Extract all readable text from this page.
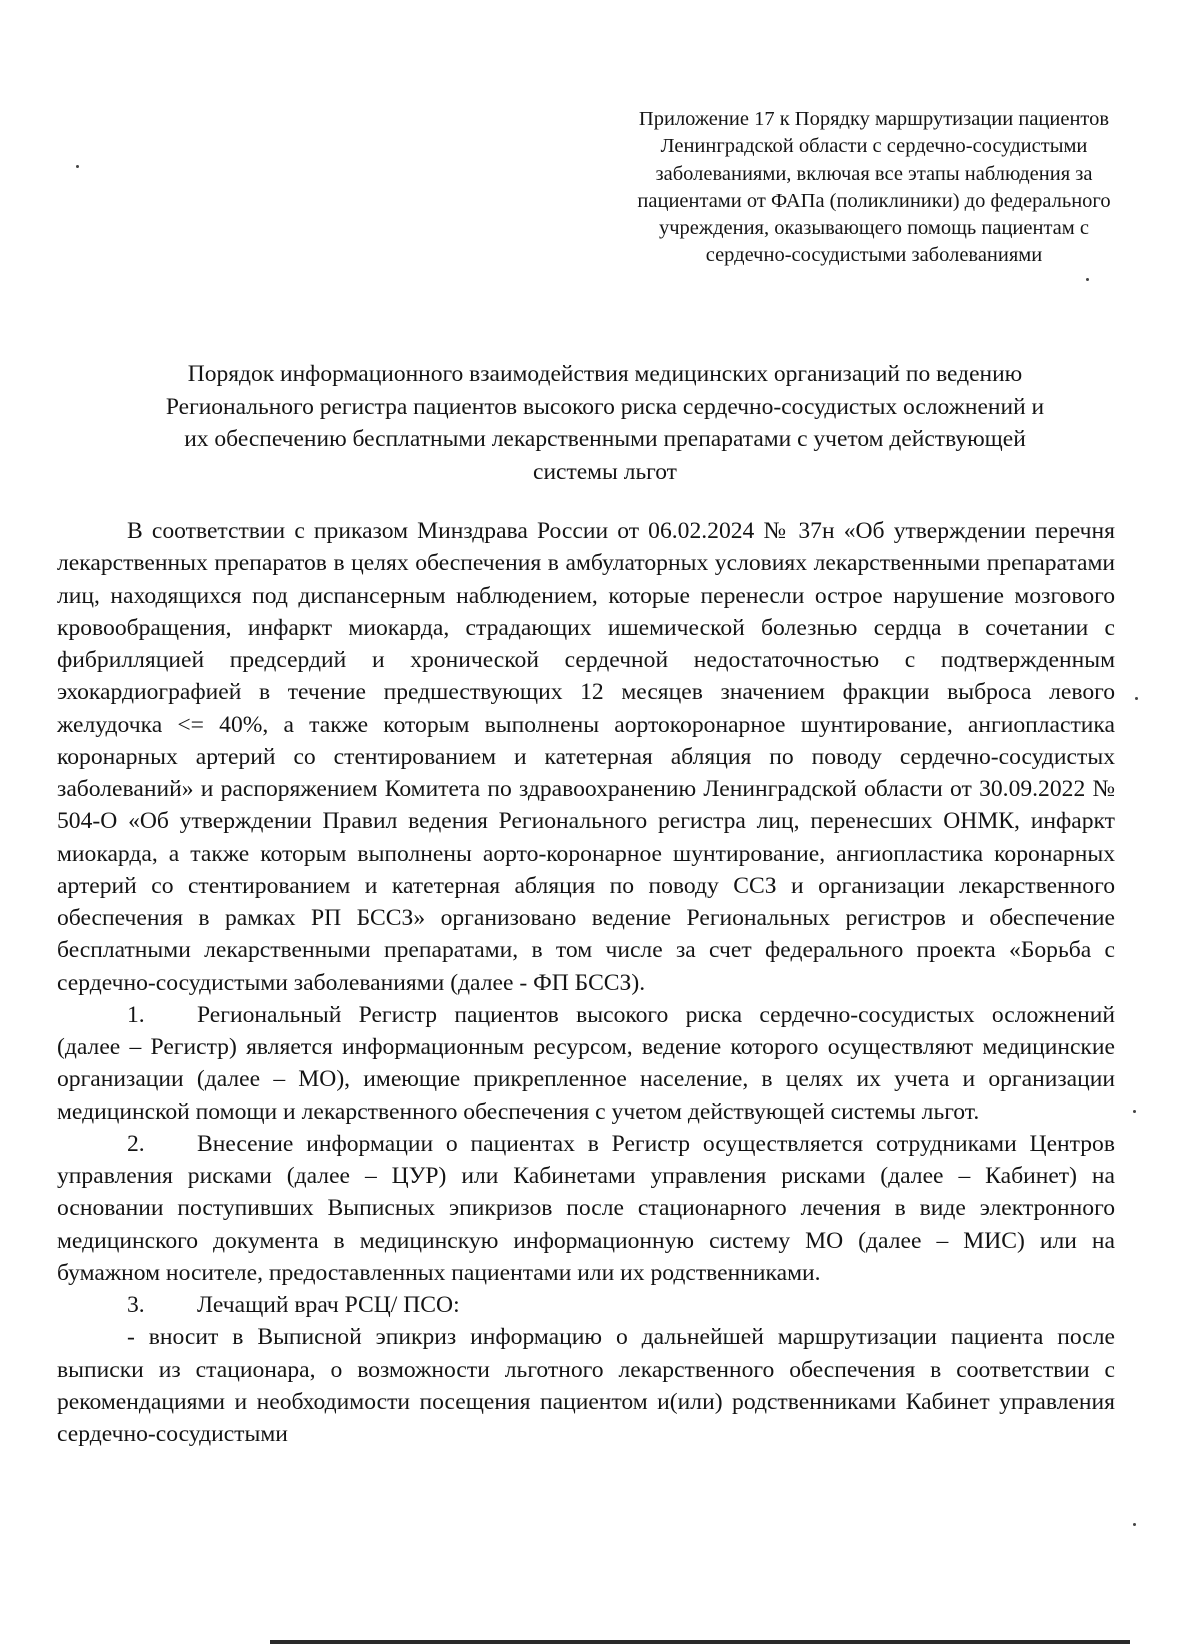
Приложение 17 к Порядку маршрутизации пациентов Ленинградской области с сердечно-сосудистыми заболеваниями, включая все этапы наблюдения за пациентами от ФАПа (поликлиники) до федерального учреждения, оказывающего помощь пациентам с сердечно-сосудистыми заболеваниями
Порядок информационного взаимодействия медицинских организаций по ведению Регионального регистра пациентов высокого риска сердечно-сосудистых осложнений и их обеспечению бесплатными лекарственными препаратами с учетом действующей системы льгот

В соответствии с приказом Минздрава России от 06.02.2024 № 37н «Об утверждении перечня лекарственных препаратов в целях обеспечения в амбулаторных условиях лекарственными препаратами лиц, находящихся под диспансерным наблюдением, которые перенесли острое нарушение мозгового кровообращения, инфаркт миокарда, страдающих ишемической болезнью сердца в сочетании с фибрилляцией предсердий и хронической сердечной недостаточностью с подтвержденным эхокардиографией в течение предшествующих 12 месяцев значением фракции выброса левого желудочка <= 40%, а также которым выполнены аортокоронарное шунтирование, ангиопластика коронарных артерий со стентированием и катетерная абляция по поводу сердечно-сосудистых заболеваний» и распоряжением Комитета по здравоохранению Ленинградской области от 30.09.2022 № 504-О «Об утверждении Правил ведения Регионального регистра лиц, перенесших ОНМК, инфаркт миокарда, а также которым выполнены аорто-коронарное шунтирование, ангиопластика коронарных артерий со стентированием и катетерная абляция по поводу ССЗ и организации лекарственного обеспечения в рамках РП БССЗ» организовано ведение Региональных регистров и обеспечение бесплатными лекарственными препаратами, в том числе за счет федерального проекта «Борьба с сердечно-сосудистыми заболеваниями (далее - ФП БССЗ).

1. Региональный Регистр пациентов высокого риска сердечно-сосудистых осложнений (далее – Регистр) является информационным ресурсом, ведение которого осуществляют медицинские организации (далее – МО), имеющие прикрепленное население, в целях их учета и организации медицинской помощи и лекарственного обеспечения с учетом действующей системы льгот.

2. Внесение информации о пациентах в Регистр осуществляется сотрудниками Центров управления рисками (далее – ЦУР) или Кабинетами управления рисками (далее – Кабинет) на основании поступивших Выписных эпикризов после стационарного лечения в виде электронного медицинского документа в медицинскую информационную систему МО (далее – МИС) или на бумажном носителе, предоставленных пациентами или их родственниками.

3. Лечащий врач РСЦ/ ПСО:

- вносит в Выписной эпикриз информацию о дальнейшей маршрутизации пациента после выписки из стационара, о возможности льготного лекарственного обеспечения в соответствии с рекомендациями и необходимости посещения пациентом и(или) родственниками Кабинет управления сердечно-сосудистыми
